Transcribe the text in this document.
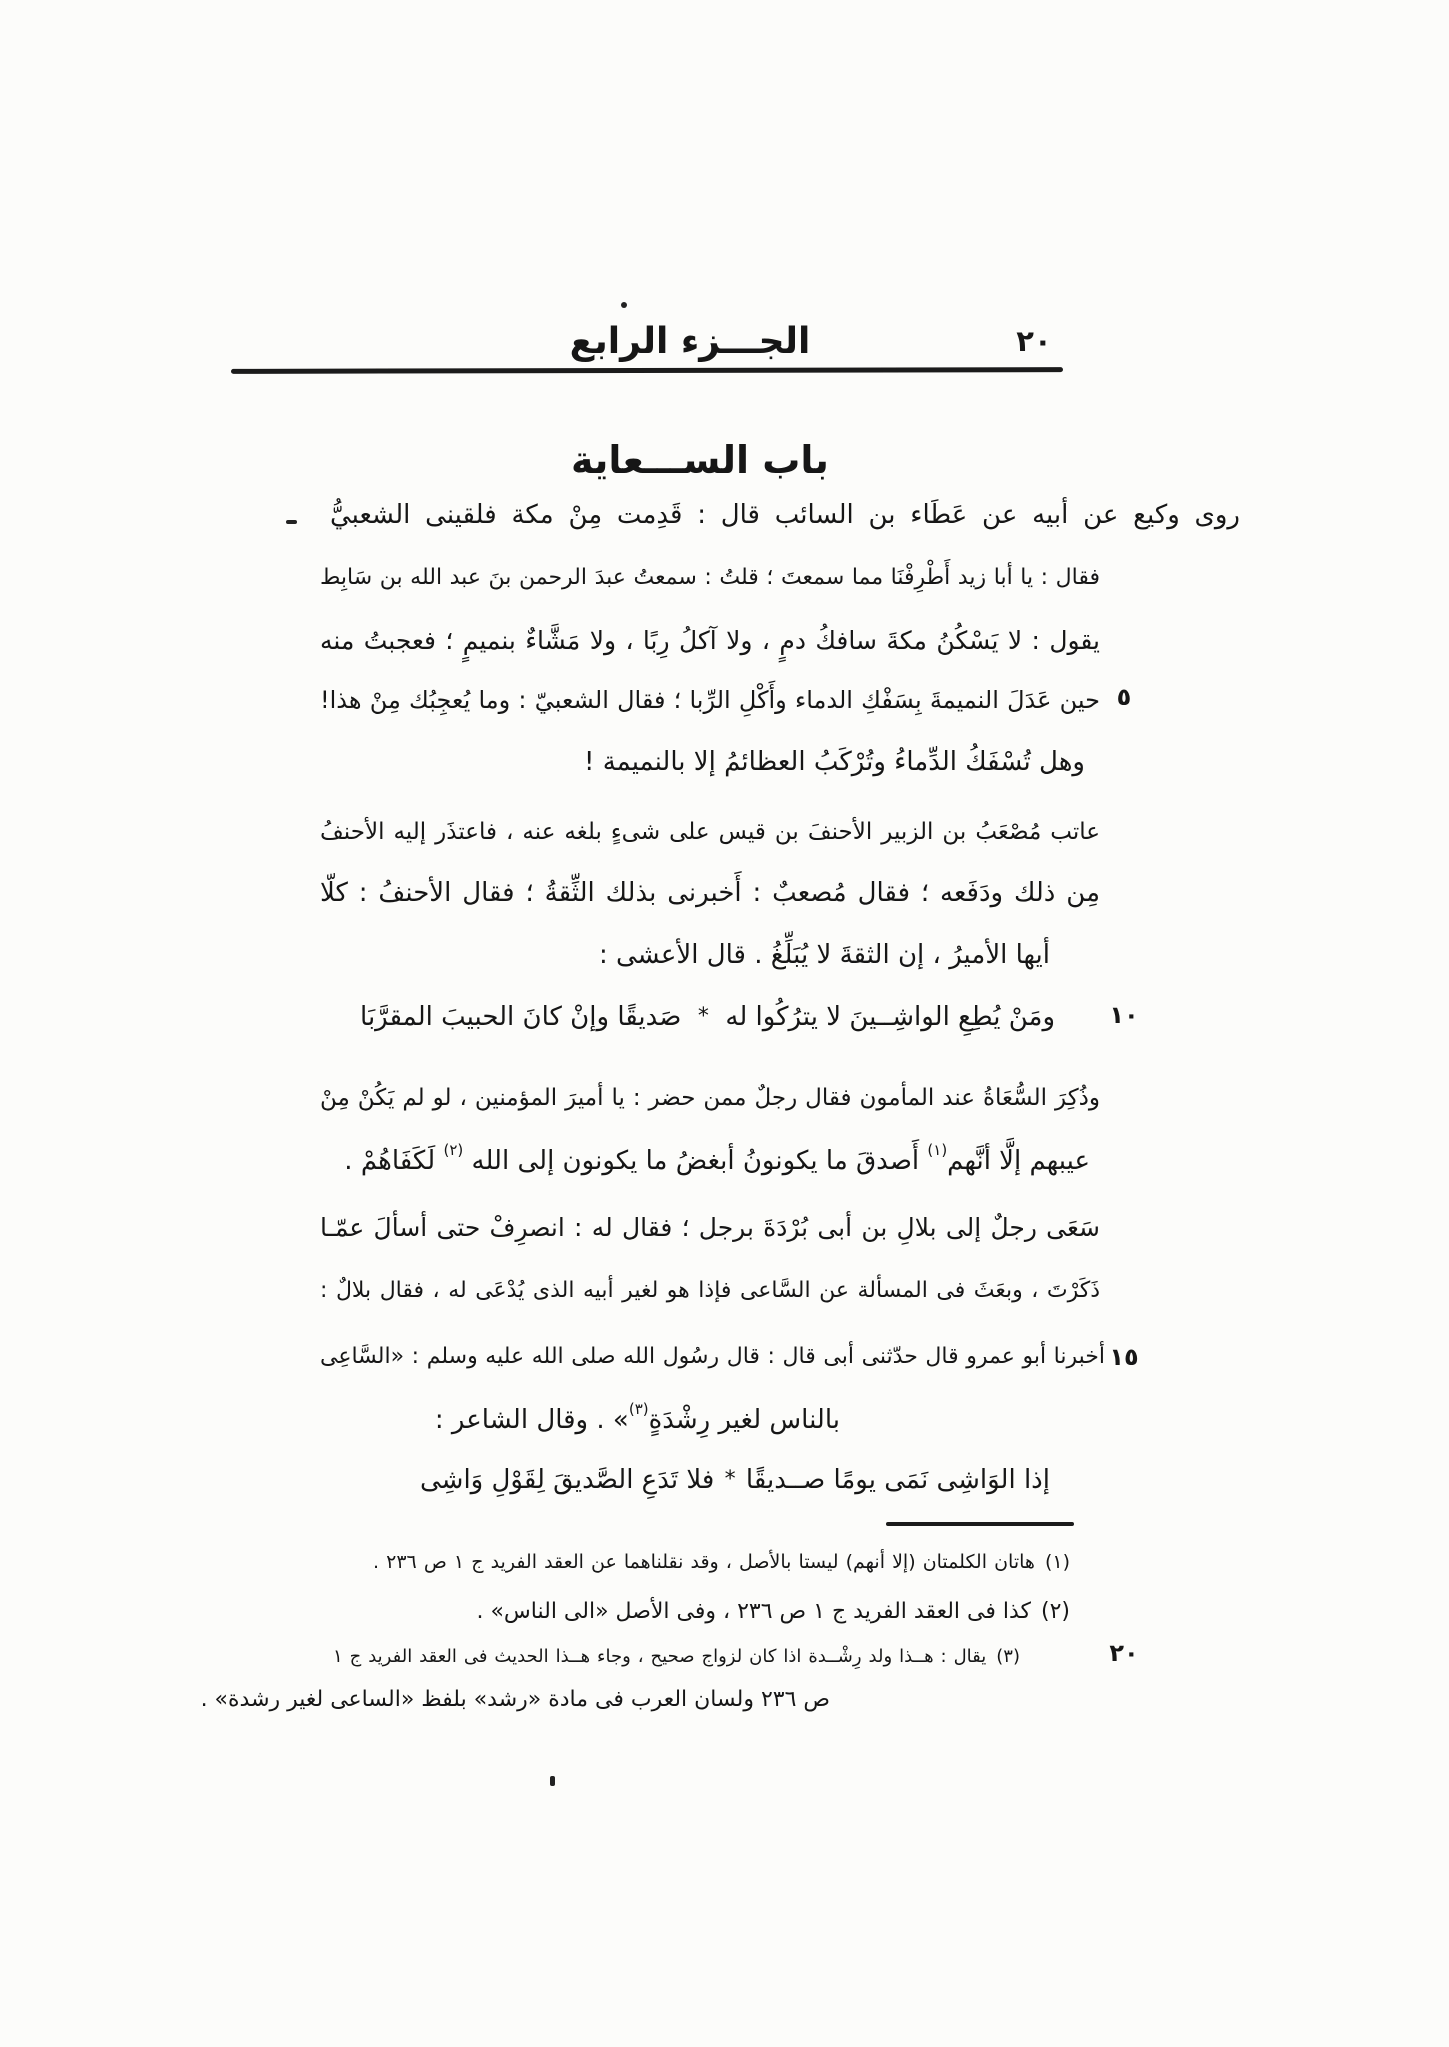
الجـــزء الرابع	٢٠
باب الســـعاية
٥
١٠
١٥
٢٠
روى وكيع عن أبيه عن عَطَاء بن السائب قال : قَدِمت مِنْ مكة فلقينى الشعبيُّ
فقال : يا أبا زيد أَطْرِفْنَا مما سمعتَ ؛ قلتُ : سمعتُ عبدَ الرحمن بنَ عبد الله بن سَابِط
يقول : لا يَسْكُنُ مكةَ سافكُ دمٍ ، ولا آكلُ رِبًا ، ولا مَشَّاءٌ بنميمٍ ؛ فعجبتُ منه
حين عَدَلَ النميمةَ بِسَفْكِ الدماء وأَكْلِ الرِّبا ؛ فقال الشعبيّ : وما يُعجِبُك مِنْ هذا!
وهل تُسْفَكُ الدِّماءُ وتُرْكَبُ العظائمُ إلا بالنميمة !
عاتب مُصْعَبُ بن الزبير الأحنفَ بن قيس على شىءٍ بلغه عنه ، فاعتذَر إليه الأحنفُ
مِن ذلك ودَفَعه ؛ فقال مُصعبٌ : أَخبرنى بذلك الثِّقةُ ؛ فقال الأحنفُ : كلّا
أيها الأميرُ ، إن الثقةَ لا يُبَلِّغُ . قال الأعشى :
ومَنْ يُطِعِ الواشِــينَ لا يترُكُوا له
*
صَديقًا وإنْ كانَ الحبيبَ المقرَّبَا
وذُكِرَ السُّعَاةُ عند المأمون فقال رجلٌ ممن حضر : يا أميرَ المؤمنين ، لو لم يَكُنْ مِنْ
عيبهم إلَّا أنَّهم$^{(١)}$ أَصدقَ ما يكونونُ أبغضُ ما يكونون إلى الله $^{(٢)}$ لَكَفَاهُمْ .
سَعَى رجلٌ إلى بلالِ بن أبى بُرْدَةَ برجل ؛ فقال له : انصرِفْ حتى أسألَ عمّـا
ذَكَرْتَ ، وبعَثَ فى المسألة عن السَّاعى فإذا هو لغير أبيه الذى يُدْعَى له ، فقال بلالٌ :
أخبرنا أبو عمرو قال حدّثنى أبى قال : قال رسُول الله صلى الله عليه وسلم : «السَّاعِى
بالناس لغير رِشْدَةٍ$^{(٣)}$» . وقال الشاعر :
إذا الوَاشِى نَمَى يومًا صــديقًا
*
فلا تَدَعِ الصَّديقَ لِقَوْلِ وَاشِى
(١)هاتان الكلمتان (إلا أنهم) ليستا بالأصل ، وقد نقلناهما عن العقد الفريد ج ١ ص ٢٣٦ .
(٢)كذا فى العقد الفريد ج ١ ص ٢٣٦ ، وفى الأصل «الى الناس» .
(٣)يقال : هــذا ولد رِشْــدة اذا كان لزواج صحيح ، وجاء هــذا الحديث فى العقد الفريد ج ١
ص ٢٣٦ ولسان العرب فى مادة «رشد» بلفظ «الساعى لغير رشدة» .
